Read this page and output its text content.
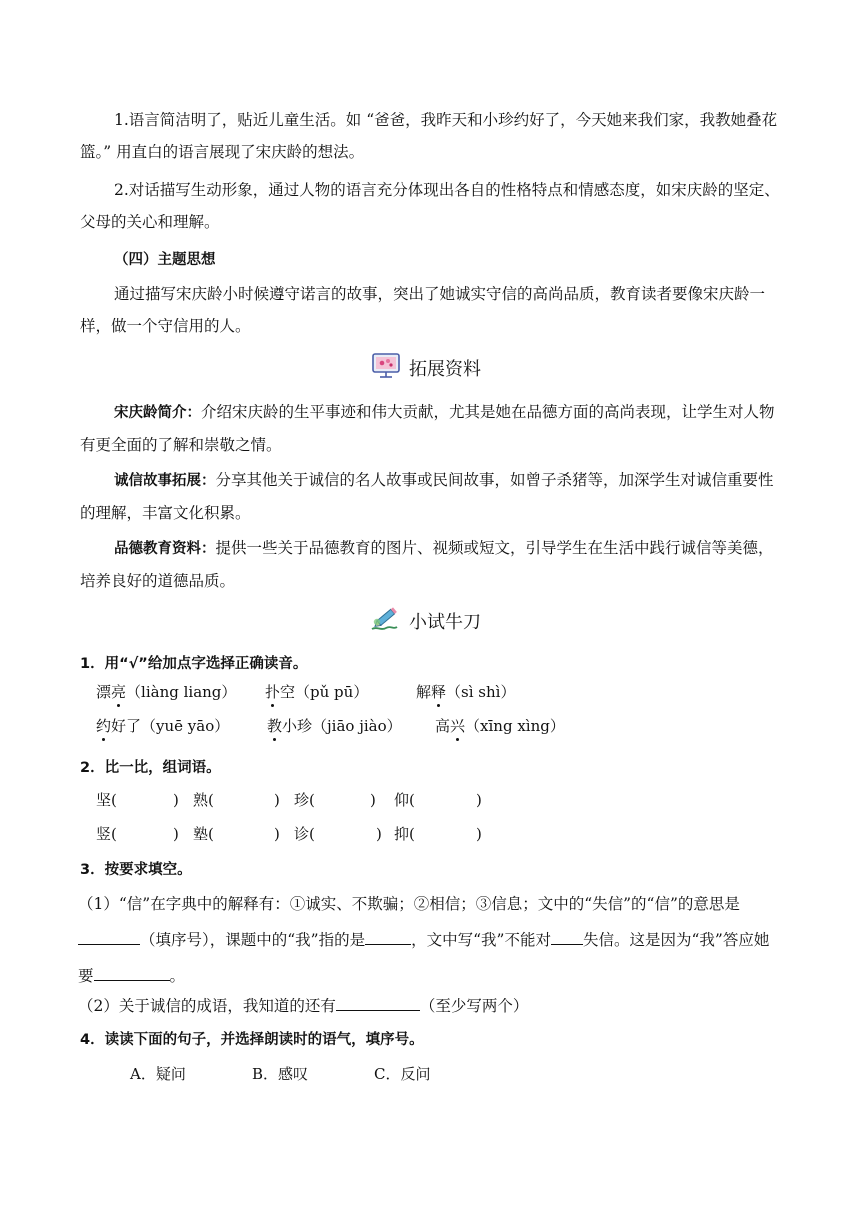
1.语言简洁明了，贴近儿童生活。如 “爸爸，我昨天和小珍约好了，今天她来我们家，我教她叠花篮。” 用直白的语言展现了宋庆龄的想法。

2.对话描写生动形象，通过人物的语言充分体现出各自的性格特点和情感态度，如宋庆龄的坚定、父母的关心和理解。

（四）主题思想

通过描写宋庆龄小时候遵守诺言的故事，突出了她诚实守信的高尚品质，教育读者要像宋庆龄一样，做一个守信用的人。

拓展资料

宋庆龄简介：介绍宋庆龄的生平事迹和伟大贡献，尤其是她在品德方面的高尚表现，让学生对人物有更全面的了解和崇敬之情。

诚信故事拓展：分享其他关于诚信的名人故事或民间故事，如曾子杀猪等，加深学生对诚信重要性的理解，丰富文化积累。

品德教育资料：提供一些关于品德教育的图片、视频或短文，引导学生在生活中践行诚信等美德，培养良好的道德品质。

小试牛刀

1．用“√”给加点字选择正确读音。

漂亮（liàng liang） 扑空（pǔ pū）	解释（sì shì）
约好了（yuē yāo）	教小珍（jiāo jiào） 高兴（xīng xìng）

2．比一比，组词语。

坚(	) 熟(	) 珍(	) 仰(	)
竖(	) 塾(	) 诊(	) 抑(	)

3．按要求填空。

（1）“信”在字典中的解释有：①诚实、不欺骗；②相信；③信息；文中的“失信”的“信”的意思是（填序号），课题中的“我”指的是	，文中写“我”不能对 失信。这是因为“我”答应她要	。

（2）关于诚信的成语，我知道的还有	（至少写两个）

4．读读下面的句子，并选择朗读时的语气，填序号。

A．疑问	B．感叹	C．反问
